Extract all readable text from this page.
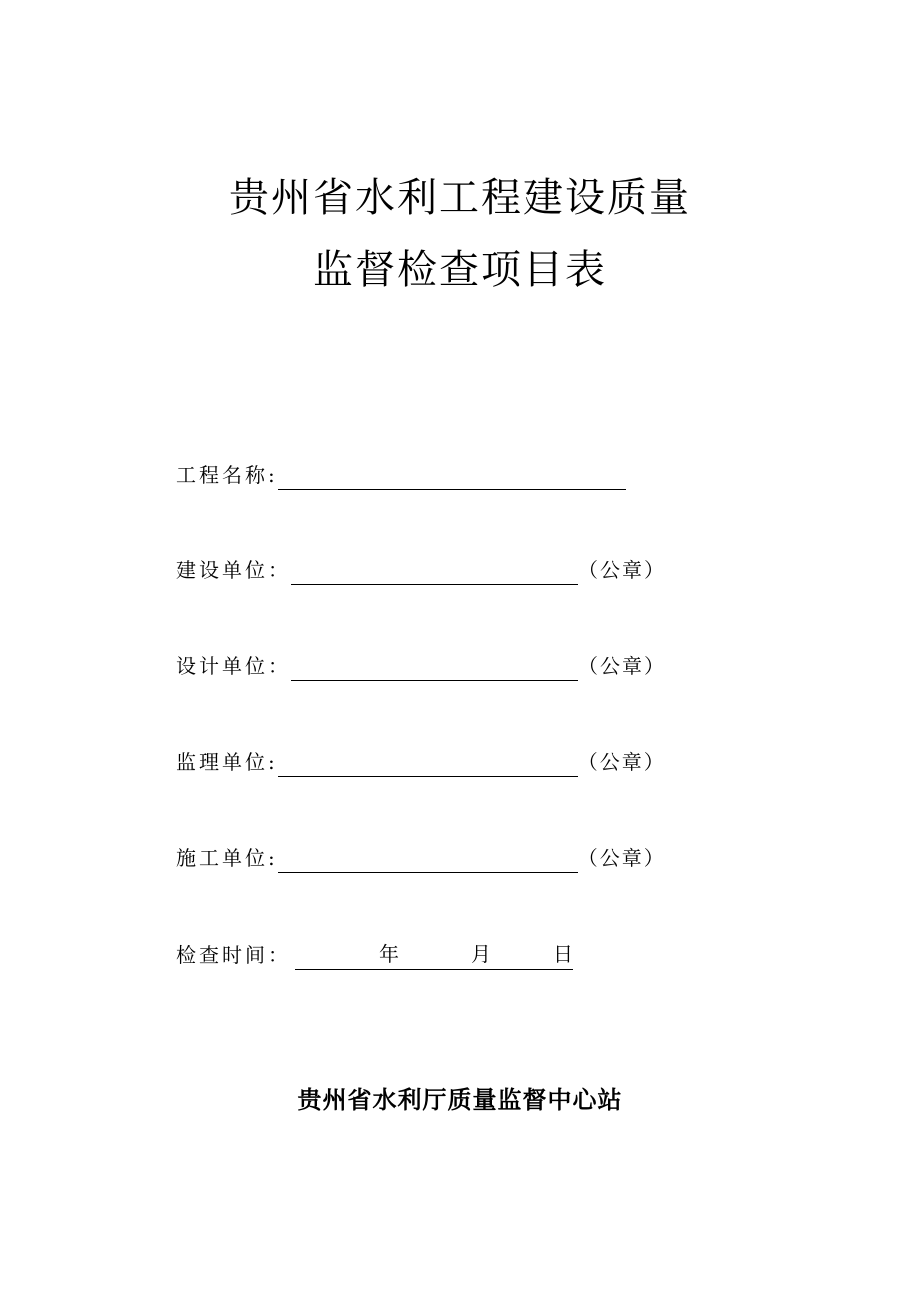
贵州省水利工程建设质量
监督检查项目表
工程名称:
建设单位：	（公章）
设计单位：	（公章）
监理单位:	（公章）
施工单位:	（公章）
检查时间：	年	月	日
贵州省水利厅质量监督中心站
